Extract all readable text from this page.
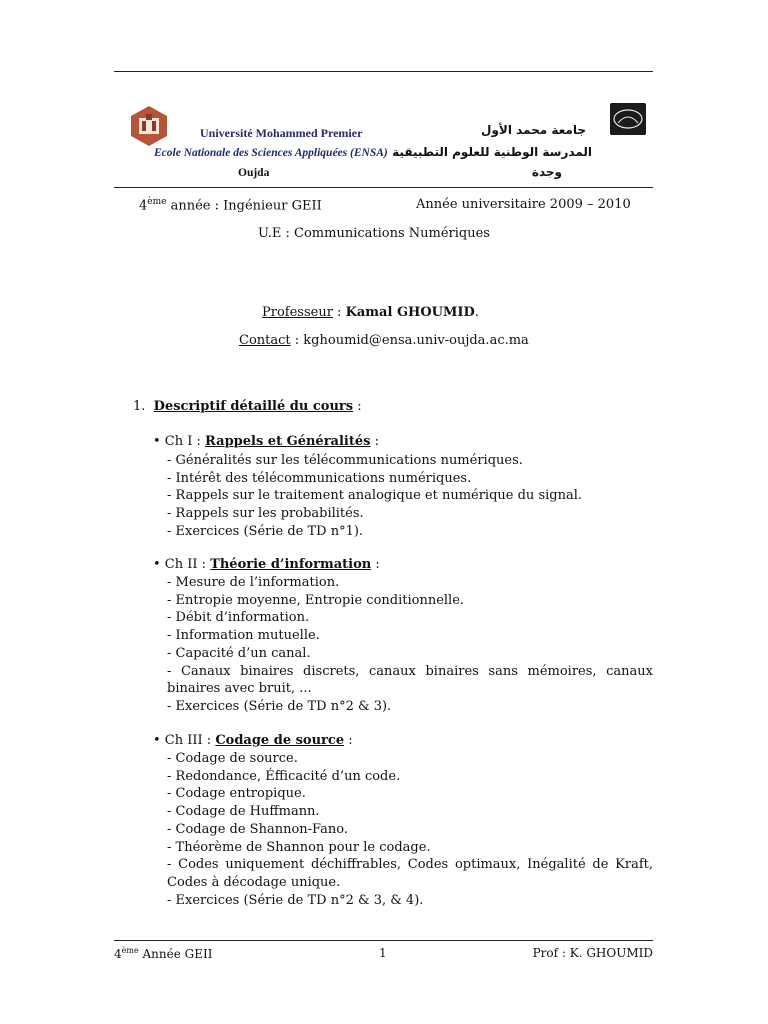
Université Mohammed Premier
Ecole Nationale des Sciences Appliquées (ENSA)
Oujda
جامعة محمد الأول
المدرسة الوطنية للعلوم التطبيقية
وجدة
4ème année : Ingénieur GEII	Année universitaire 2009 – 2010
U.E : Communications Numériques
Professeur : Kamal GHOUMID.
Contact : kghoumid@ensa.univ-oujda.ac.ma
1. Descriptif détaillé du cours :
• Ch I : Rappels et Généralités :
- Généralités sur les télécommunications numériques.
- Intérêt des télécommunications numériques.
- Rappels sur le traitement analogique et numérique du signal.
- Rappels sur les probabilités.
- Exercices (Série de TD n°1).
• Ch II : Théorie d’information :
- Mesure de l’information.
- Entropie moyenne, Entropie conditionnelle.
- Débit d’information.
- Information mutuelle.
- Capacité d’un canal.
- Canaux binaires discrets, canaux binaires sans mémoires, canaux binaires avec bruit, ...
- Exercices (Série de TD n°2 & 3).
• Ch III : Codage de source :
- Codage de source.
- Redondance, Éfficacité d’un code.
- Codage entropique.
- Codage de Huffmann.
- Codage de Shannon-Fano.
- Théorème de Shannon pour le codage.
- Codes uniquement déchiffrables, Codes optimaux, Inégalité de Kraft, Codes à décodage unique.
- Exercices (Série de TD n°2 & 3, & 4).
4ème Année GEII	1	Prof : K. GHOUMID
